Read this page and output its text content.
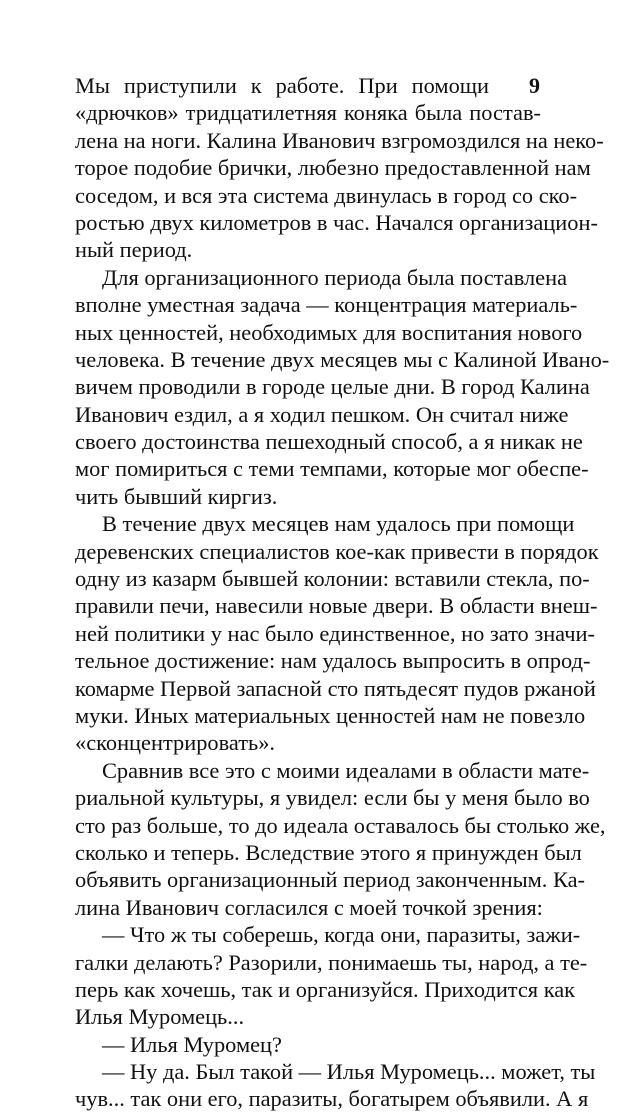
9
Мы приступили к работе. При помощи
«дрючков» тридцатилетняя коняка была постав-
лена на ноги. Калина Иванович взгромоздился на неко-
торое подобие брички, любезно предоставленной нам
соседом, и вся эта система двинулась в город со ско-
ростью двух километров в час. Начался организацион-
ный период.
Для организационного периода была поставлена
вполне уместная задача — концентрация материаль-
ных ценностей, необходимых для воспитания нового
человека. В течение двух месяцев мы с Калиной Ивано-
вичем проводили в городе целые дни. В город Калина
Иванович ездил, а я ходил пешком. Он считал ниже
своего достоинства пешеходный способ, а я никак не
мог помириться с теми темпами, которые мог обеспе-
чить бывший киргиз.
В течение двух месяцев нам удалось при помощи
деревенских специалистов кое-как привести в порядок
одну из казарм бывшей колонии: вставили стекла, по-
правили печи, навесили новые двери. В области внеш-
ней политики у нас было единственное, но зато значи-
тельное достижение: нам удалось выпросить в опрод-
комарме Первой запасной сто пятьдесят пудов ржаной
муки. Иных материальных ценностей нам не повезло
«сконцентрировать».
Сравнив все это с моими идеалами в области мате-
риальной культуры, я увидел: если бы у меня было во
сто раз больше, то до идеала оставалось бы столько же,
сколько и теперь. Вследствие этого я принужден был
объявить организационный период законченным. Ка-
лина Иванович согласился с моей точкой зрения:
— Что ж ты соберешь, когда они, паразиты, зажи-
галки делають? Разорили, понимаешь ты, народ, а те-
перь как хочешь, так и организуйся. Приходится как
Илья Муромець...
— Илья Муромец?
— Ну да. Был такой — Илья Муромець... может, ты
чув... так они его, паразиты, богатырем объявили. А я
